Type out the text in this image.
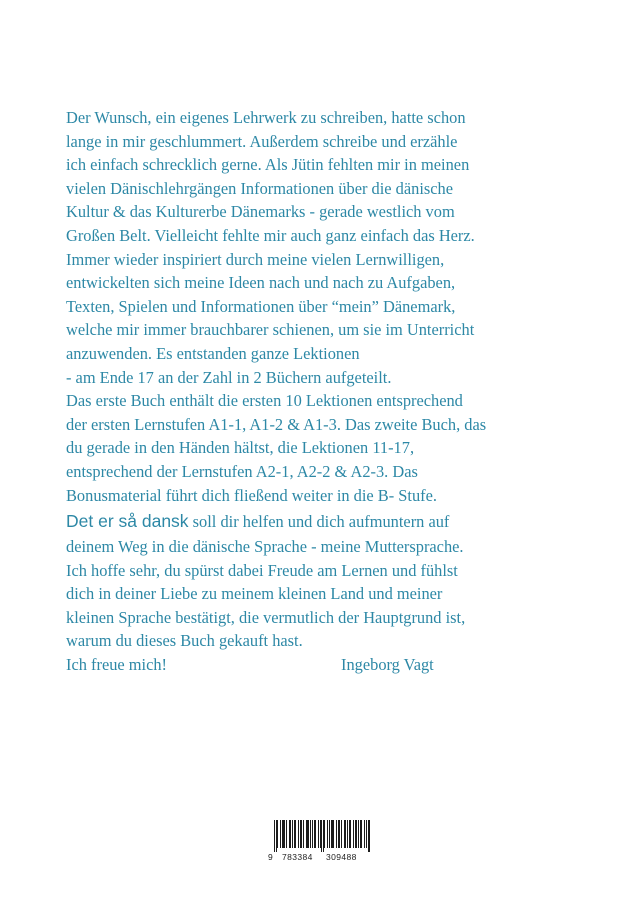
Der Wunsch, ein eigenes Lehrwerk zu schreiben, hatte schon
lange in mir geschlummert. Außerdem schreibe und erzähle
ich einfach schrecklich gerne. Als Jütin fehlten mir in meinen
vielen Dänischlehrgängen Informationen über die dänische
Kultur & das Kulturerbe Dänemarks - gerade westlich vom
Großen Belt. Vielleicht fehlte mir auch ganz einfach das Herz.
Immer wieder inspiriert durch meine vielen Lernwilligen,
entwickelten sich meine Ideen nach und nach zu Aufgaben,
Texten, Spielen und Informationen über “mein” Dänemark,
welche mir immer brauchbarer schienen, um sie im Unterricht
anzuwenden. Es entstanden ganze Lektionen
- am Ende 17 an der Zahl in 2 Büchern aufgeteilt.
Das erste Buch enthält die ersten 10 Lektionen entsprechend
der ersten Lernstufen A1-1, A1-2 & A1-3. Das zweite Buch, das
du gerade in den Händen hältst, die Lektionen 11-17,
entsprechend der Lernstufen A2-1, A2-2 & A2-3. Das
Bonusmaterial führt dich fließend weiter in die B- Stufe.
Det er så dansk soll dir helfen und dich aufmuntern auf
deinem Weg in die dänische Sprache - meine Muttersprache.
Ich hoffe sehr, du spürst dabei Freude am Lernen und fühlst
dich in deiner Liebe zu meinem kleinen Land und meiner
kleinen Sprache bestätigt, die vermutlich der Hauptgrund ist,
warum du dieses Buch gekauft hast.
Ich freue mich!	Ingeborg Vagt
9 783384 309488
